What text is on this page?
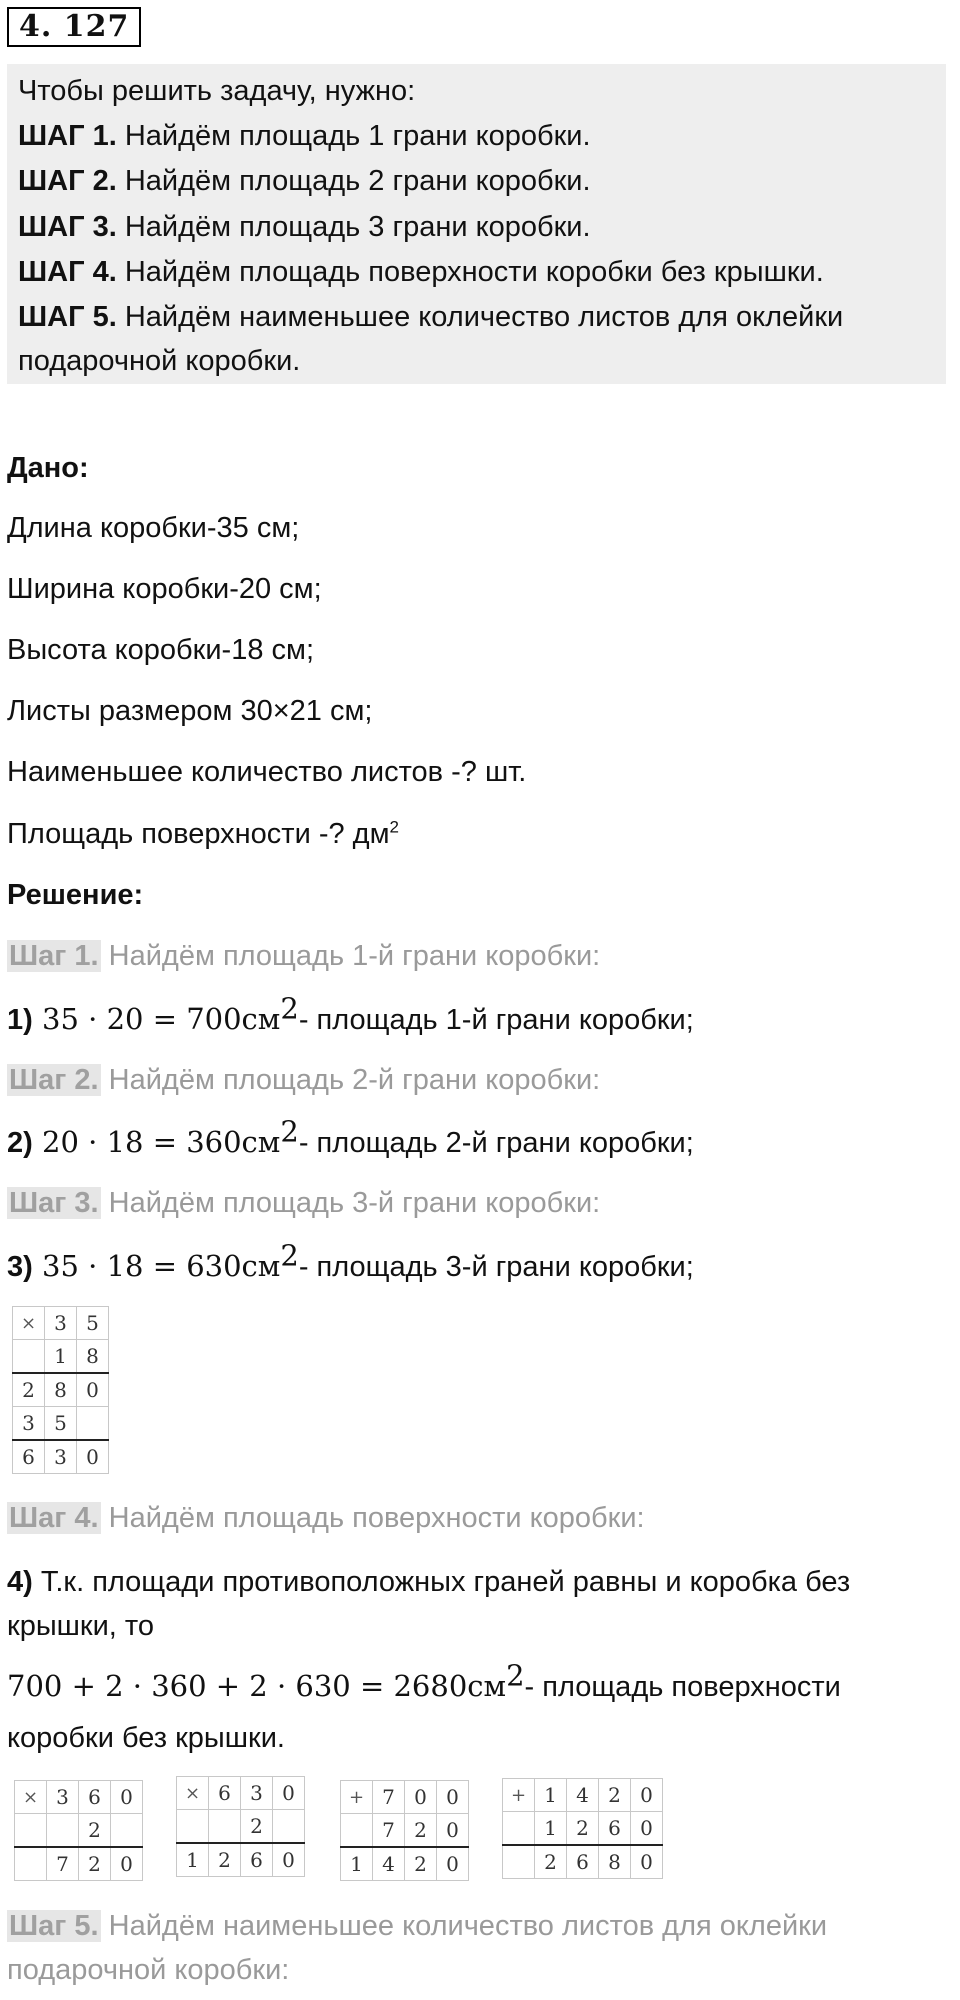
4. 127
Чтобы решить задачу, нужно:
ШАГ 1. Найдём площадь 1 грани коробки.
ШАГ 2. Найдём площадь 2 грани коробки.
ШАГ 3. Найдём площадь 3 грани коробки.
ШАГ 4. Найдём площадь поверхности коробки без крышки.
ШАГ 5. Найдём наименьшее количество листов для оклейки
подарочной коробки.
Дано:
Длина коробки-35 см;
Ширина коробки-20 см;
Высота коробки-18 см;
Листы размером 30×21 см;
Наименьшее количество листов -? шт.
Площадь поверхности -? $дм^2$
Решение:
Шаг 1. Найдём площадь 1-й грани коробки:
1) $35 \cdot 20 = 700см^2-$ площадь 1-й грани коробки;
Шаг 2. Найдём площадь 2-й грани коробки:
2) $20 \cdot 18 = 360см^2-$ площадь 2-й грани коробки;
Шаг 3. Найдём площадь 3-й грани коробки:
3) $35 \cdot 18 = 630см^2-$ площадь 3-й грани коробки;
×	3	5
	1	8
2	8	0
3	5	
6	3	0
Шаг 4. Найдём площадь поверхности коробки:
4) Т.к. площади противоположных граней равны и коробка без
крышки, то
$700 + 2 \cdot 360 + 2 \cdot 630 = 2680см^2-$ площадь поверхности
коробки без крышки.
×	3	6	0
		2	
	7	2	0
×	6	3	0
		2	
1	2	6	0
+	7	0	0
	7	2	0
1	4	2	0
+	1	4	2	0
	1	2	6	0
	2	6	8	0
Шаг 5. Найдём наименьшее количество листов для оклейки
подарочной коробки:
